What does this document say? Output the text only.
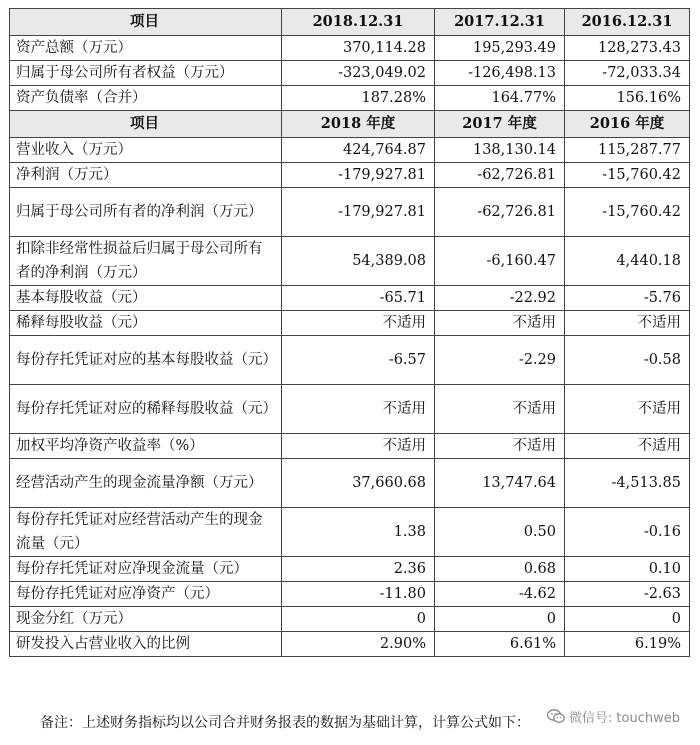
项目	2018.12.31	2017.12.31	2016.12.31
资产总额（万元）	370,114.28	195,293.49	128,273.43
归属于母公司所有者权益（万元）	-323,049.02	-126,498.13	-72,033.34
资产负债率（合并）	187.28%	164.77%	156.16%
项目	2018 年度	2017 年度	2016 年度
营业收入（万元）	424,764.87	138,130.14	115,287.77
净利润（万元）	-179,927.81	-62,726.81	-15,760.42
归属于母公司所有者的净利润（万元）	-179,927.81	-62,726.81	-15,760.42
扣除非经常性损益后归属于母公司所有者的净利润（万元）	54,389.08	-6,160.47	4,440.18
基本每股收益（元）	-65.71	-22.92	-5.76
稀释每股收益（元）	不适用	不适用	不适用
每份存托凭证对应的基本每股收益（元）	-6.57	-2.29	-0.58
每份存托凭证对应的稀释每股收益（元）	不适用	不适用	不适用
加权平均净资产收益率（%）	不适用	不适用	不适用
经营活动产生的现金流量净额（万元）	37,660.68	13,747.64	-4,513.85
每份存托凭证对应经营活动产生的现金流量（元）	1.38	0.50	-0.16
每份存托凭证对应净现金流量（元）	2.36	0.68	0.10
每份存托凭证对应净资产（元）	-11.80	-4.62	-2.63
现金分红（万元）	0	0	0
研发投入占营业收入的比例	2.90%	6.61%	6.19%
备注：上述财务指标均以公司合并财务报表的数据为基础计算，计算公式如下：	微信号: touchweb
